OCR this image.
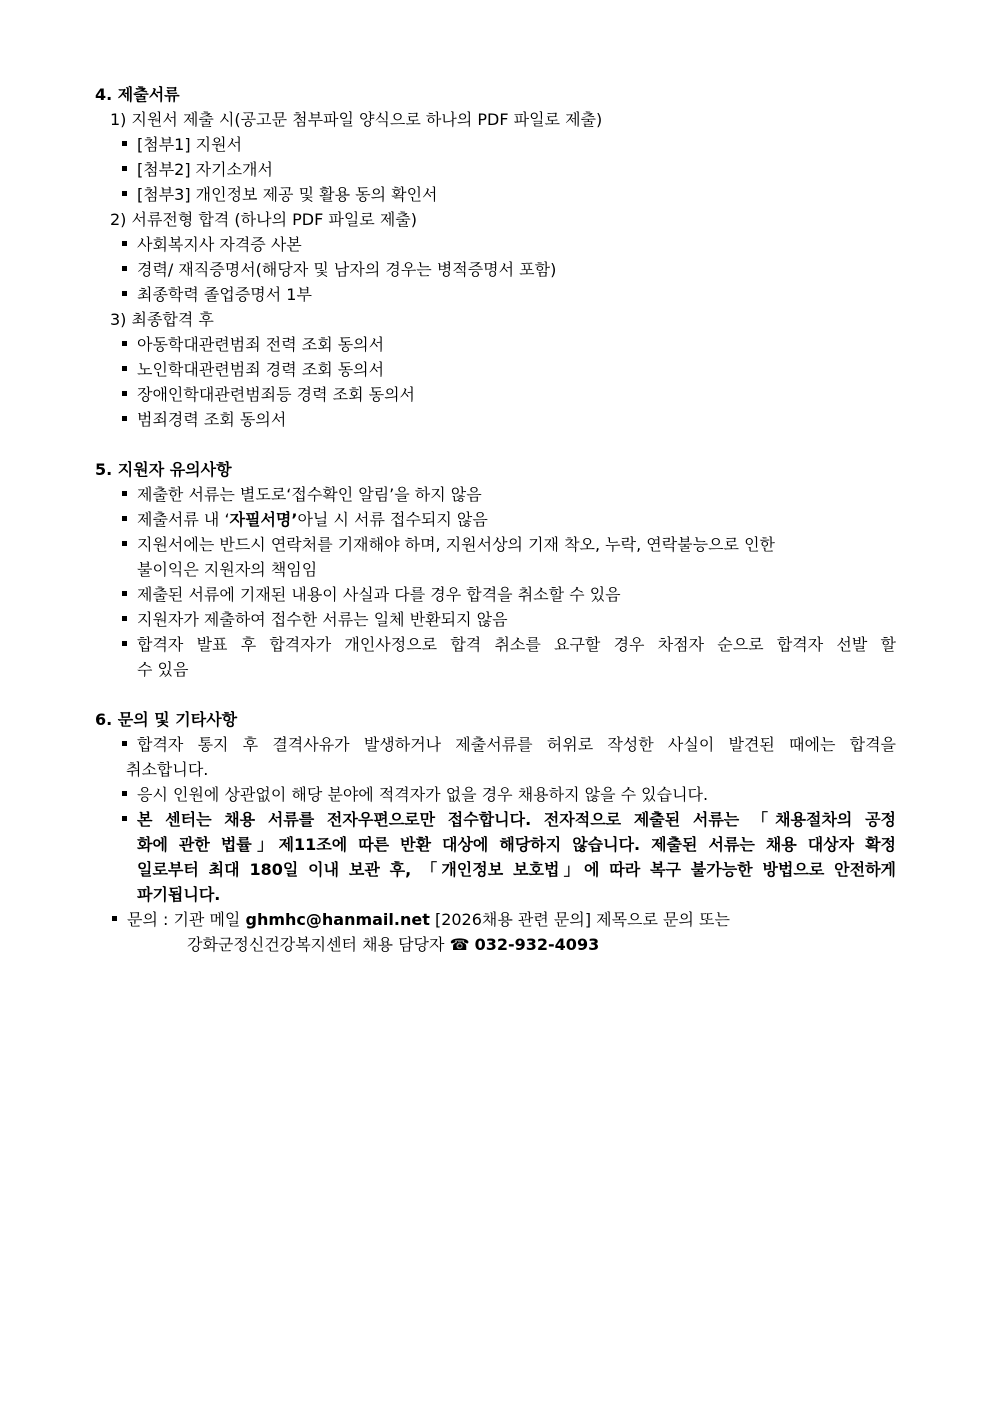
4. 제출서류
1) 지원서 제출 시(공고문 첨부파일 양식으로 하나의 PDF 파일로 제출)
[첨부1] 지원서
[첨부2] 자기소개서
[첨부3] 개인정보 제공 및 활용 동의 확인서
2) 서류전형 합격 (하나의 PDF 파일로 제출)
사회복지사 자격증 사본
경력/ 재직증명서(해당자 및 남자의 경우는 병적증명서 포함)
최종학력 졸업증명서 1부
3) 최종합격 후
아동학대관련범죄 전력 조회 동의서
노인학대관련범죄 경력 조회 동의서
장애인학대관련범죄등 경력 조회 동의서
범죄경력 조회 동의서
5. 지원자 유의사항
제출한 서류는 별도로‘접수확인 알림’을 하지 않음
제출서류 내 ‘자필서명’아닐 시 서류 접수되지 않음
지원서에는 반드시 연락처를 기재해야 하며, 지원서상의 기재 착오, 누락, 연락불능으로 인한
불이익은 지원자의 책임임
제출된 서류에 기재된 내용이 사실과 다를 경우 합격을 취소할 수 있음
지원자가 제출하여 접수한 서류는 일체 반환되지 않음
합격자 발표 후 합격자가 개인사정으로 합격 취소를 요구할 경우 차점자 순으로 합격자 선발 할
수 있음
6. 문의 및 기타사항
합격자 통지 후 결격사유가 발생하거나 제출서류를 허위로 작성한 사실이 발견된 때에는 합격을
취소합니다.
응시 인원에 상관없이 해당 분야에 적격자가 없을 경우 채용하지 않을 수 있습니다.
본 센터는 채용 서류를 전자우편으로만 접수합니다. 전자적으로 제출된 서류는 「채용절차의 공정
화에 관한 법률」제11조에 따른 반환 대상에 해당하지 않습니다. 제출된 서류는 채용 대상자 확정
일로부터 최대 180일 이내 보관 후, 「개인정보 보호법」에 따라 복구 불가능한 방법으로 안전하게
파기됩니다.
문의 : 기관 메일 ghmhc@hanmail.net [2026채용 관련 문의] 제목으로 문의 또는
강화군정신건강복지센터 채용 담당자 ☎ 032-932-4093
